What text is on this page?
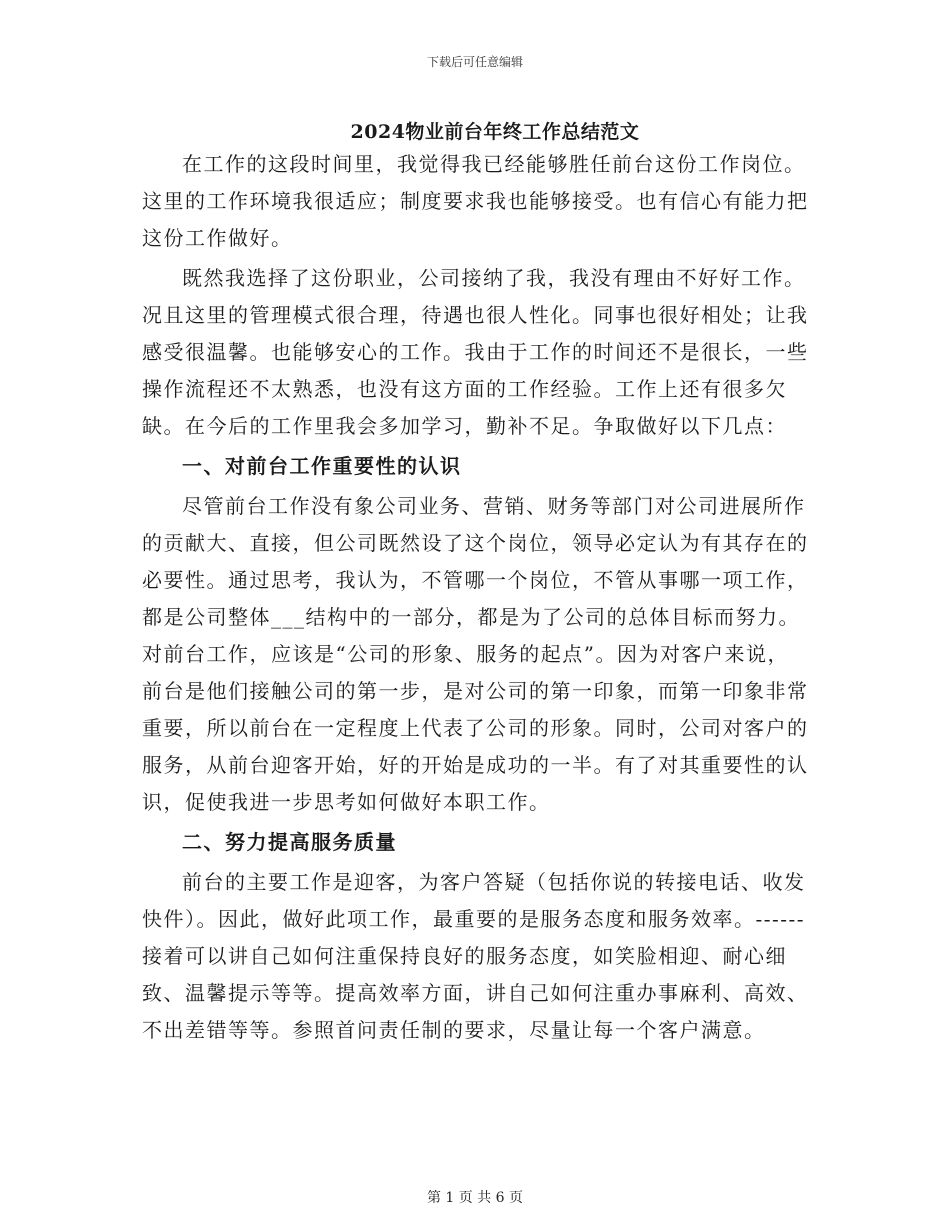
下载后可任意编辑
2024物业前台年终工作总结范文

在工作的这段时间里，我觉得我已经能够胜任前台这份工作岗位。这里的工作环境我很适应；制度要求我也能够接受。也有信心有能力把这份工作做好。

既然我选择了这份职业，公司接纳了我，我没有理由不好好工作。况且这里的管理模式很合理，待遇也很人性化。同事也很好相处；让我感受很温馨。也能够安心的工作。我由于工作的时间还不是很长，一些操作流程还不太熟悉，也没有这方面的工作经验。工作上还有很多欠缺。在今后的工作里我会多加学习，勤补不足。争取做好以下几点：

一、对前台工作重要性的认识

尽管前台工作没有象公司业务、营销、财务等部门对公司进展所作的贡献大、直接，但公司既然设了这个岗位，领导必定认为有其存在的必要性。通过思考，我认为，不管哪一个岗位，不管从事哪一项工作，都是公司整体___结构中的一部分，都是为了公司的总体目标而努力。对前台工作，应该是“公司的形象、服务的起点”。因为对客户来说，前台是他们接触公司的第一步，是对公司的第一印象，而第一印象非常重要，所以前台在一定程度上代表了公司的形象。同时，公司对客户的服务，从前台迎客开始，好的开始是成功的一半。有了对其重要性的认识，促使我进一步思考如何做好本职工作。

二、努力提高服务质量

前台的主要工作是迎客，为客户答疑（包括你说的转接电话、收发快件）。因此，做好此项工作，最重要的是服务态度和服务效率。------接着可以讲自己如何注重保持良好的服务态度，如笑脸相迎、耐心细致、温馨提示等等。提高效率方面，讲自己如何注重办事麻利、高效、不出差错等等。参照首问责任制的要求，尽量让每一个客户满意。

第 1 页 共 6 页
